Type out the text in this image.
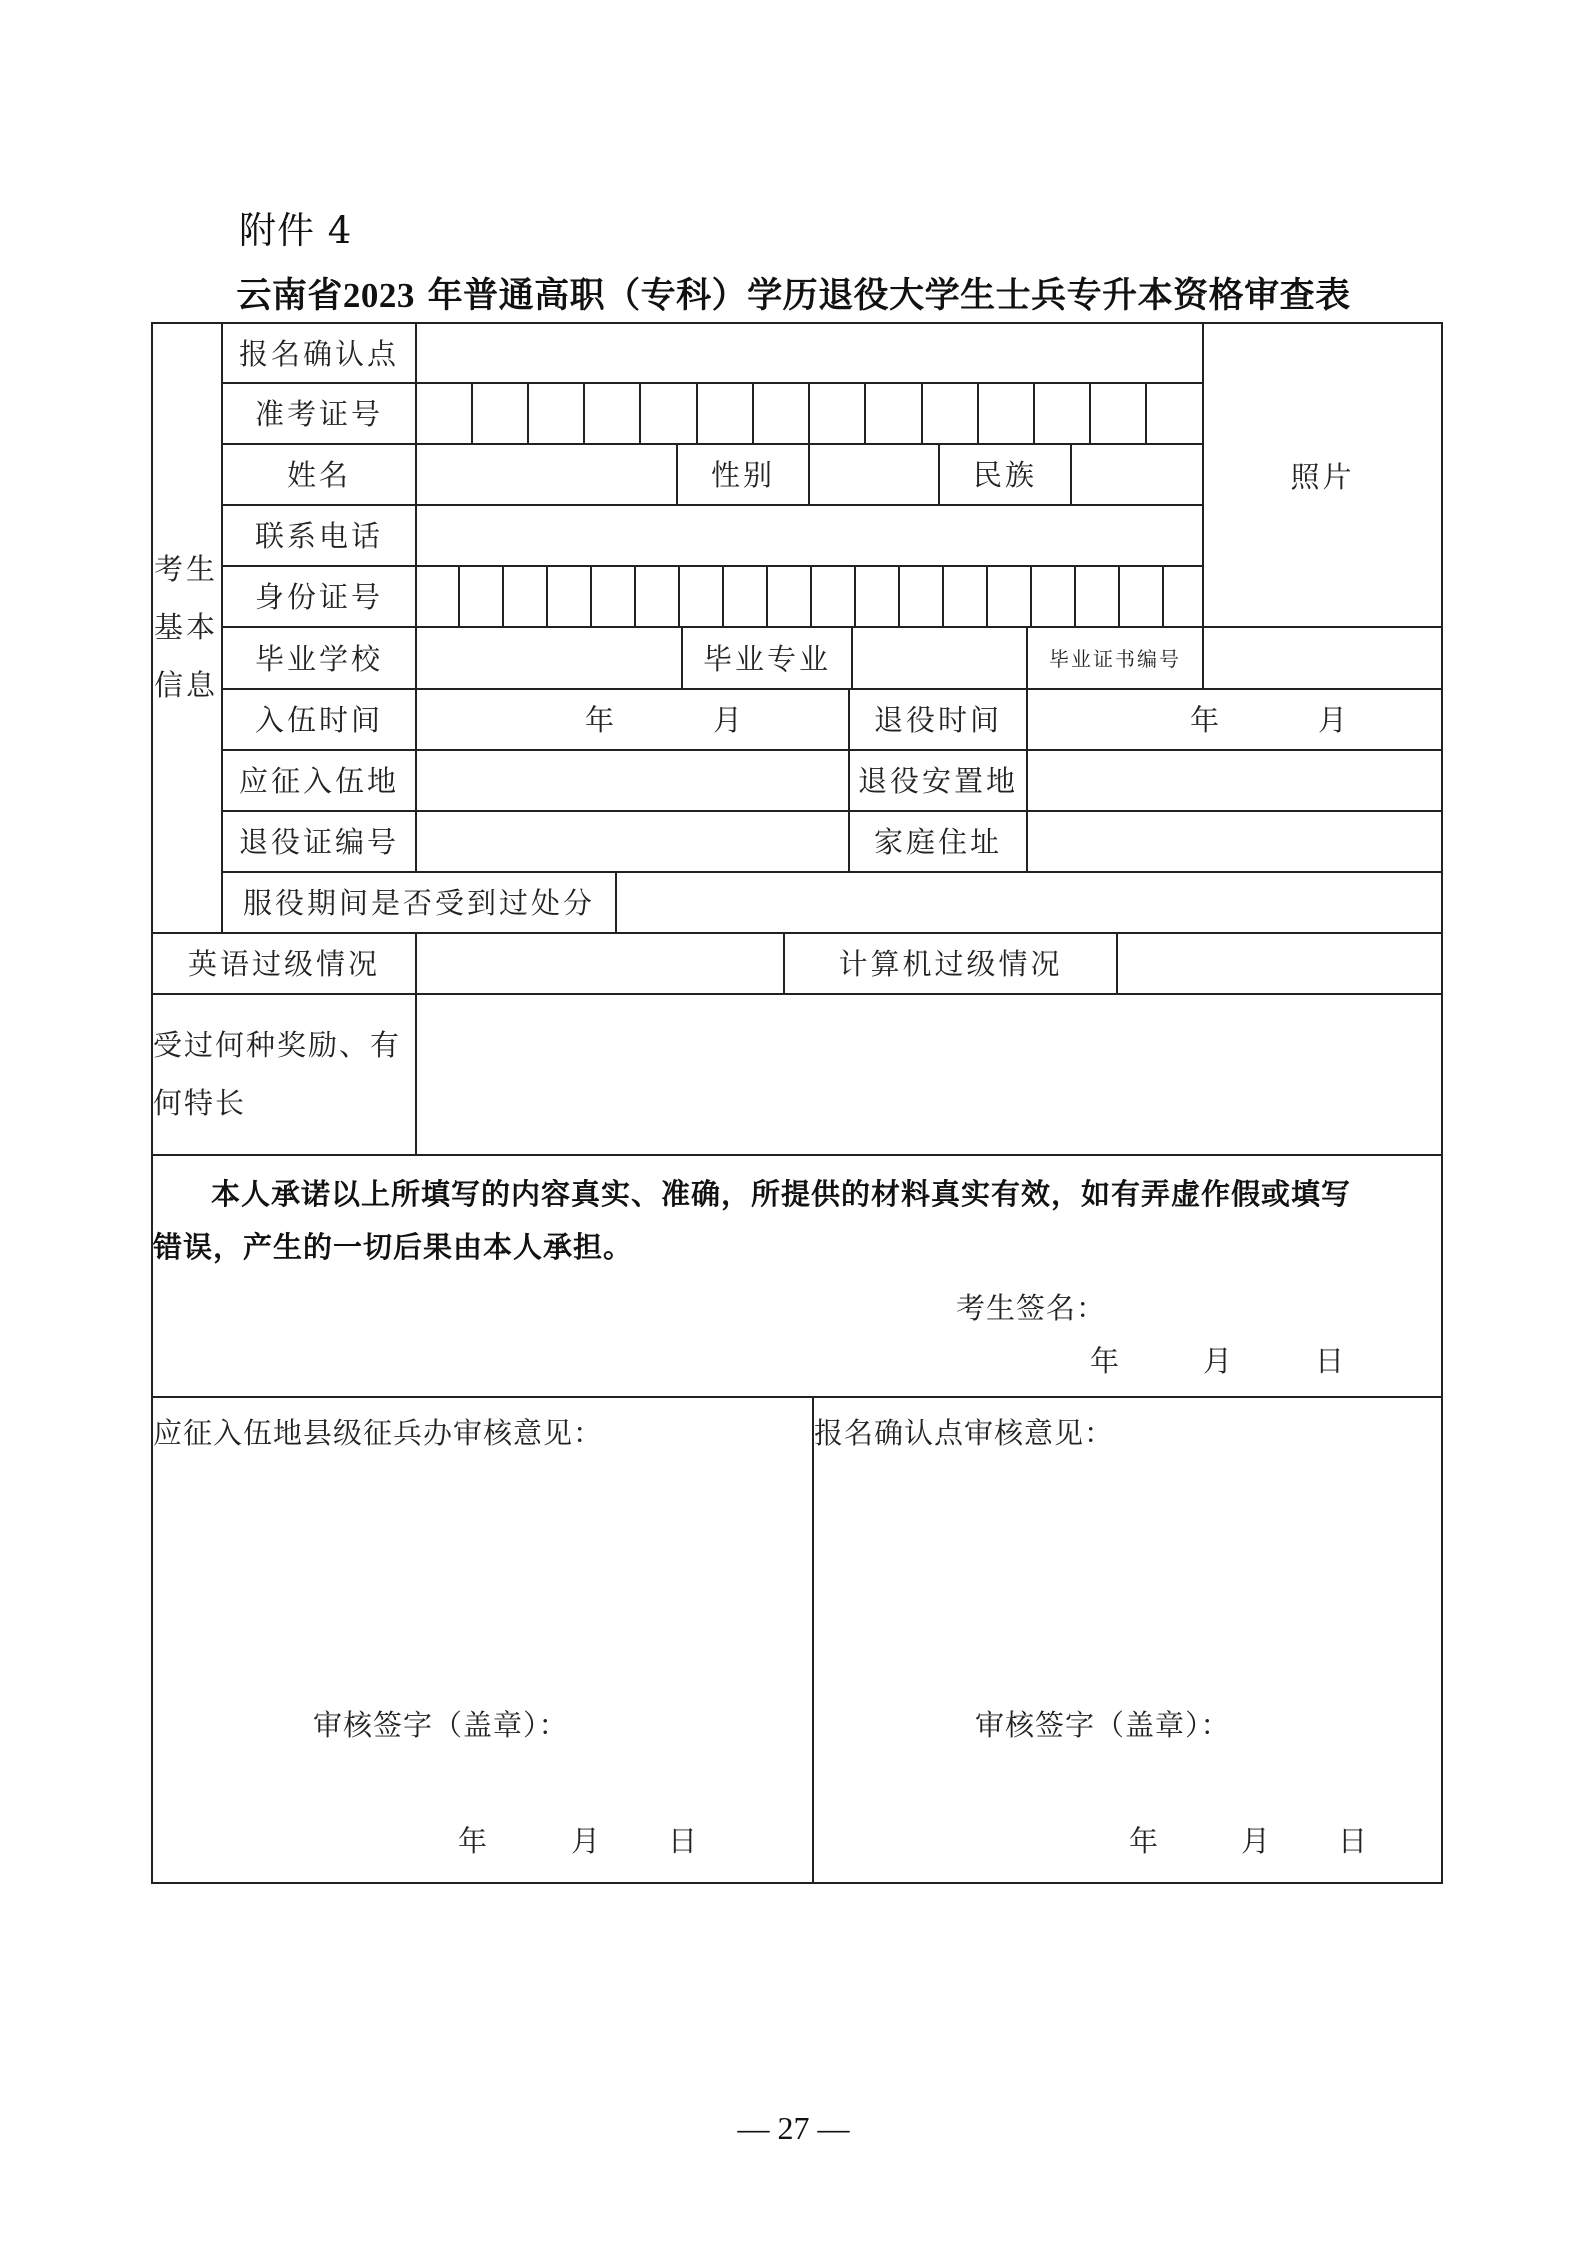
附件 4
云南省2023 年普通高职（专科）学历退役大学生士兵专升本资格审查表
考生
基本
信息
报名确认点
准考证号
姓名	性别	民族	照片
联系电话
身份证号
毕业学校	毕业专业	毕业证书编号
入伍时间	年	月	退役时间	年	月
应征入伍地	退役安置地
退役证编号	家庭住址
服役期间是否受到过处分
英语过级情况	计算机过级情况
受过何种奖励、有
何特长
本人承诺以上所填写的内容真实、准确，所提供的材料真实有效，如有弄虚作假或填写
错误，产生的一切后果由本人承担。
考生签名：
年	月	日
应征入伍地县级征兵办审核意见：	报名确认点审核意见：
审核签字（盖章）：	审核签字（盖章）：
年	月	日	年	月	日
— 27 —
